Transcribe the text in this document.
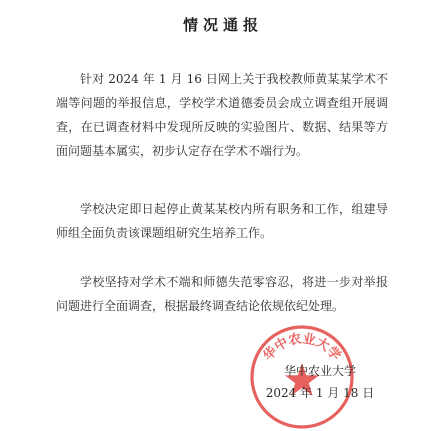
情况通报

针对 2024 年 1 月 16 日网上关于我校教师黄某某学术不端等问题的举报信息，学校学术道德委员会成立调查组开展调查，在已调查材料中发现所反映的实验图片、数据、结果等方面问题基本属实，初步认定存在学术不端行为。

学校决定即日起停止黄某某校内所有职务和工作，组建导师组全面负责该课题组研究生培养工作。

学校坚持对学术不端和师德失范零容忍，将进一步对举报问题进行全面调查，根据最终调查结论依规依纪处理。

华中农业大学
华中农业大学
2024 年 1 月 18 日
